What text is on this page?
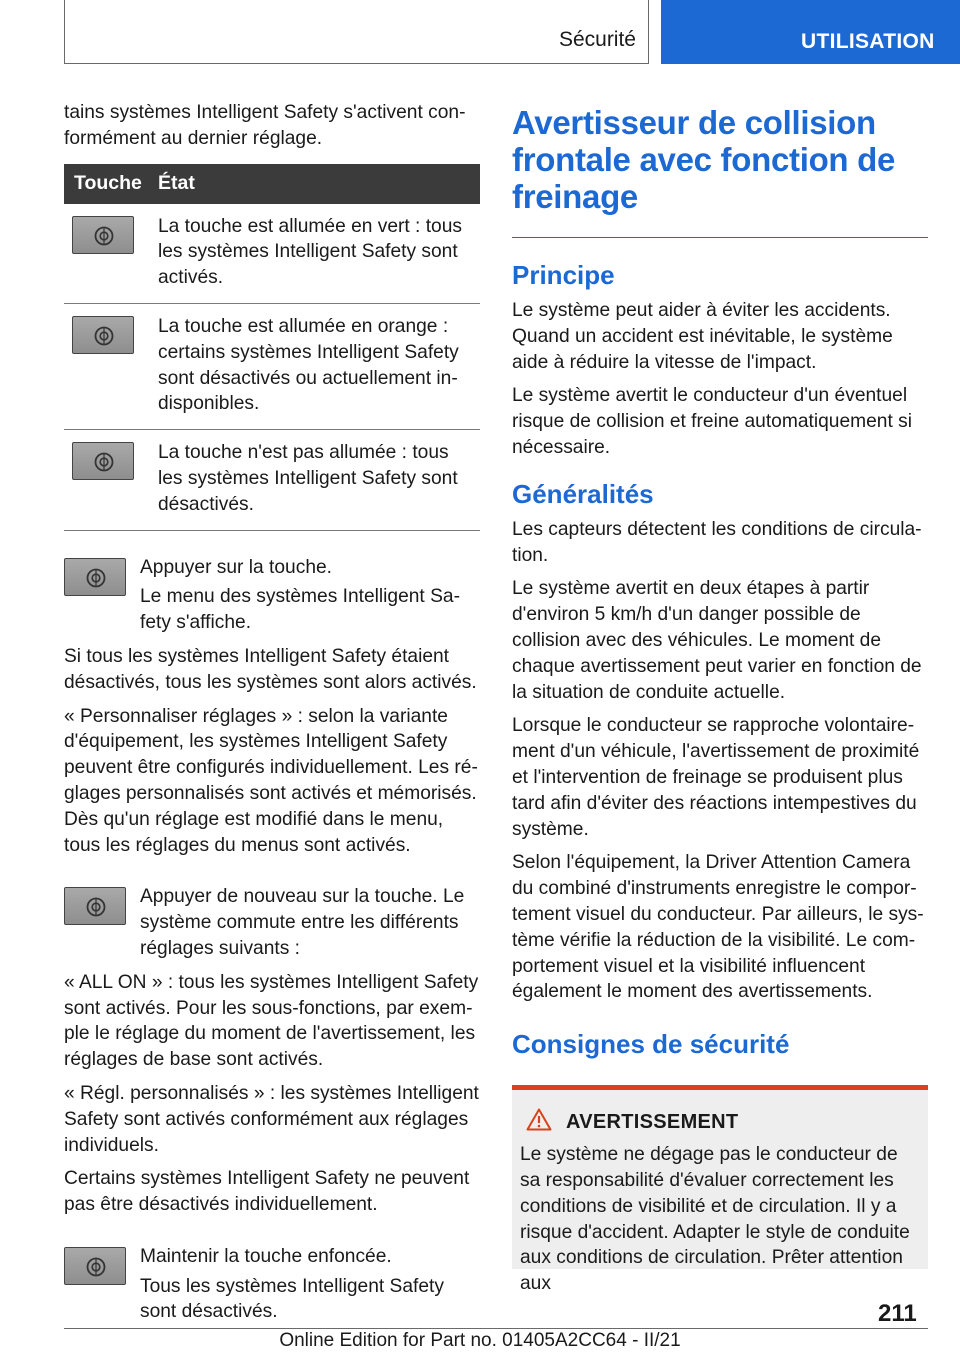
Sécurité	UTILISATION

tains systèmes Intelligent Safety s'activent conformément au dernier réglage.

Touche	État

	La touche est allumée en vert : tous les systèmes Intelligent Safety sont activés.

	La touche est allumée en orange : certains systèmes Intelligent Safety sont désactivés ou actuellement indisponibles.

	La touche n'est pas allumée : tous les systèmes Intelligent Safety sont désactivés.

Appuyer sur la touche.

Le menu des systèmes Intelligent Safety s'affiche.

Si tous les systèmes Intelligent Safety étaient désactivés, tous les systèmes sont alors activés.

« Personnaliser réglages » : selon la variante d'équipement, les systèmes Intelligent Safety peuvent être configurés individuellement. Les réglages personnalisés sont activés et mémorisés. Dès qu'un réglage est modifié dans le menu, tous les réglages du menus sont activés.

Appuyer de nouveau sur la touche. Le système commute entre les différents réglages suivants :

« ALL ON » : tous les systèmes Intelligent Safety sont activés. Pour les sous-fonctions, par exemple le réglage du moment de l'avertissement, les réglages de base sont activés.

« Régl. personnalisés » : les systèmes Intelligent Safety sont activés conformément aux réglages individuels.

Certains systèmes Intelligent Safety ne peuvent pas être désactivés individuellement.

Maintenir la touche enfoncée.

Tous les systèmes Intelligent Safety sont désactivés.

Avertisseur de collision frontale avec fonction de freinage
Principe

Le système peut aider à éviter les accidents. Quand un accident est inévitable, le système aide à réduire la vitesse de l'impact.

Le système avertit le conducteur d'un éventuel risque de collision et freine automatiquement si nécessaire.

Généralités

Les capteurs détectent les conditions de circulation.

Le système avertit en deux étapes à partir d'environ 5 km/h d'un danger possible de collision avec des véhicules. Le moment de chaque avertissement peut varier en fonction de la situation de conduite actuelle.

Lorsque le conducteur se rapproche volontairement d'un véhicule, l'avertissement de proximité et l'intervention de freinage se produisent plus tard afin d'éviter des réactions intempestives du système.

Selon l'équipement, la Driver Attention Camera du combiné d'instruments enregistre le comportement visuel du conducteur. Par ailleurs, le système vérifie la réduction de la visibilité. Le comportement visuel et la visibilité influencent également le moment des avertissements.

Consignes de sécurité
AVERTISSEMENT

Le système ne dégage pas le conducteur de sa responsabilité d'évaluer correctement les conditions de visibilité et de circulation. Il y a risque d'accident. Adapter le style de conduite aux conditions de circulation. Prêter attention aux

211
Online Edition for Part no. 01405A2CC64 - II/21
